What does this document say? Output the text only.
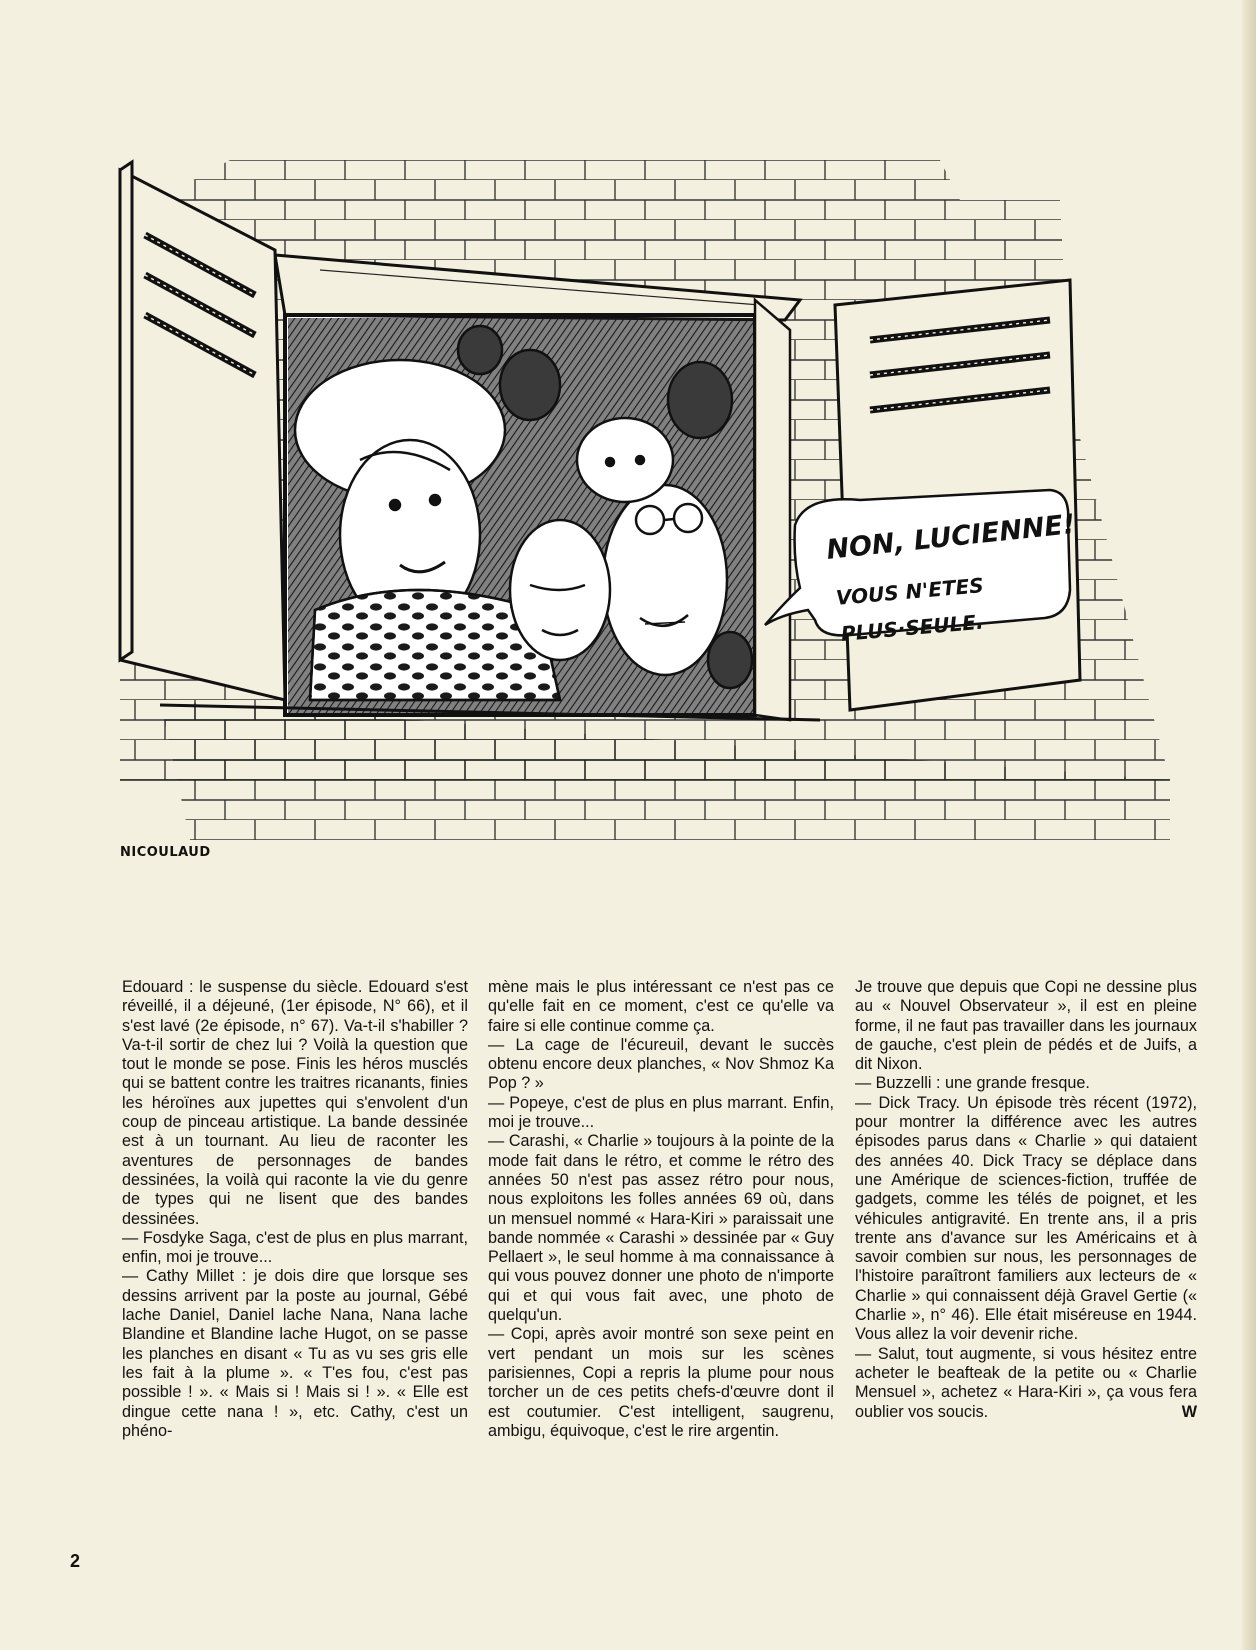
NON, LUCIENNE!
VOUS N'ETES
PLUS·SEULE.
NICOULAUD

Edouard : le suspense du siècle. Edouard s'est réveillé, il a déjeuné, (1er épisode, N° 66), et il s'est lavé (2e épisode, n° 67). Va-t-il s'habiller ? Va-t-il sortir de chez lui ? Voilà la question que tout le monde se pose. Finis les héros musclés qui se battent contre les traitres ricanants, finies les héroïnes aux jupettes qui s'envolent d'un coup de pinceau artistique. La bande dessinée est à un tournant. Au lieu de raconter les aventures de personnages de bandes dessinées, la voilà qui raconte la vie du genre de types qui ne lisent que des bandes dessinées.

— Fosdyke Saga, c'est de plus en plus marrant, enfin, moi je trouve...

— Cathy Millet : je dois dire que lorsque ses dessins arrivent par la poste au journal, Gébé lache Daniel, Daniel lache Nana, Nana lache Blandine et Blandine lache Hugot, on se passe les planches en disant « Tu as vu ses gris elle les fait à la plume ». « T'es fou, c'est pas possible ! ». « Mais si ! Mais si ! ». « Elle est dingue cette nana ! », etc. Cathy, c'est un phéno-

mène mais le plus intéressant ce n'est pas ce qu'elle fait en ce moment, c'est ce qu'elle va faire si elle continue comme ça.

— La cage de l'écureuil, devant le succès obtenu encore deux planches, « Nov Shmoz Ka Pop ? »

— Popeye, c'est de plus en plus marrant. Enfin, moi je trouve...

— Carashi, « Charlie » toujours à la pointe de la mode fait dans le rétro, et comme le rétro des années 50 n'est pas assez rétro pour nous, nous exploitons les folles années 69 où, dans un mensuel nommé « Hara-Kiri » paraissait une bande nommée « Carashi » dessinée par « Guy Pellaert », le seul homme à ma connaissance à qui vous pouvez donner une photo de n'importe qui et qui vous fait avec, une photo de quelqu'un.

— Copi, après avoir montré son sexe peint en vert pendant un mois sur les scènes parisiennes, Copi a repris la plume pour nous torcher un de ces petits chefs-d'œuvre dont il est coutumier. C'est intelligent, saugrenu, ambigu, équivoque, c'est le rire argentin.

Je trouve que depuis que Copi ne dessine plus au « Nouvel Observateur », il est en pleine forme, il ne faut pas travailler dans les journaux de gauche, c'est plein de pédés et de Juifs, a dit Nixon.

— Buzzelli : une grande fresque.

— Dick Tracy. Un épisode très récent (1972), pour montrer la différence avec les autres épisodes parus dans « Charlie » qui dataient des années 40. Dick Tracy se déplace dans une Amérique de sciences-fiction, truffée de gadgets, comme les télés de poignet, et les véhicules antigravité. En trente ans, il a pris trente ans d'avance sur les Américains et à savoir combien sur nous, les personnages de l'histoire paraîtront familiers aux lecteurs de « Charlie » qui connaissent déjà Gravel Gertie (« Charlie », n° 46). Elle était miséreuse en 1944. Vous allez la voir devenir riche.

— Salut, tout augmente, si vous hésitez entre acheter le beafteak de la petite ou « Charlie Mensuel », achetez « Hara-Kiri », ça vous fera oublier vos soucis.	W

2
